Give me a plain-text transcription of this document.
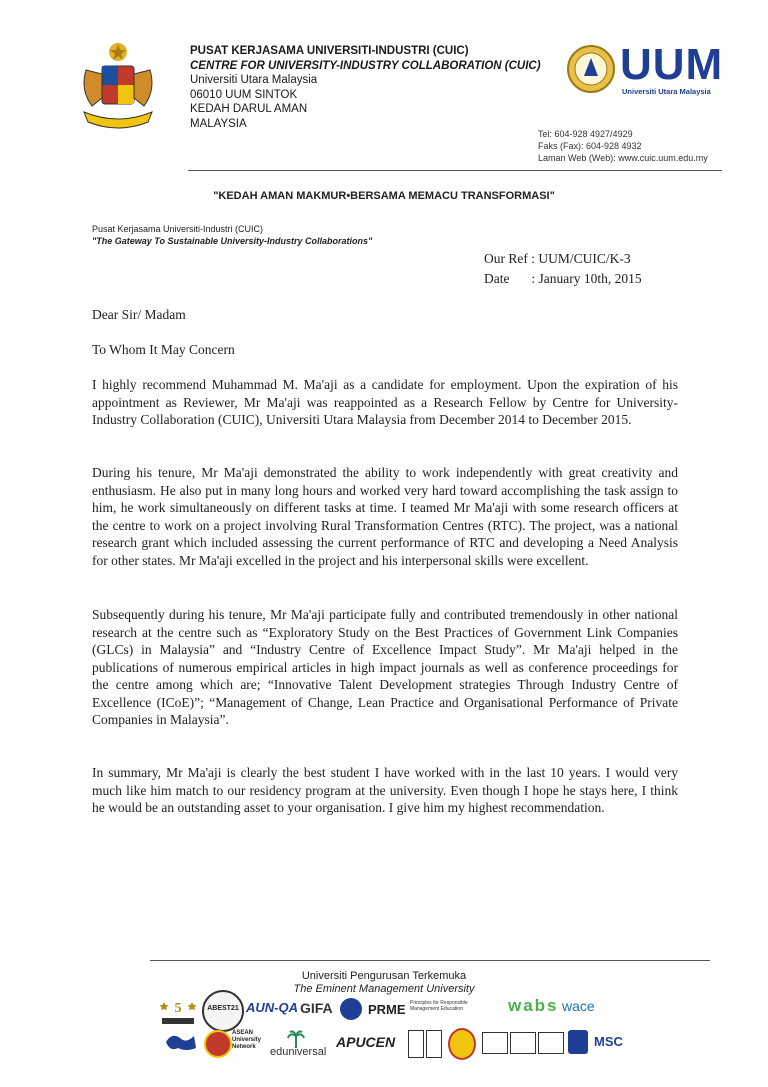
PUSAT KERJASAMA UNIVERSITI-INDUSTRI (CUIC)
CENTRE FOR UNIVERSITY-INDUSTRY COLLABORATION (CUIC)
Universiti Utara Malaysia
06010 UUM SINTOK
KEDAH DARUL AMAN
MALAYSIA
UUM
Universiti Utara Malaysia
Tel: 604-928 4927/4929
Faks (Fax): 604-928 4932
Laman Web (Web): www.cuic.uum.edu.my
"KEDAH AMAN MAKMUR•BERSAMA MEMACU TRANSFORMASI"
Pusat Kerjasama Universiti-Industri (CUIC)
"The Gateway To Sustainable University-Industry Collaborations"
Our Ref : UUM/CUIC/K-3
Date : January 10th, 2015

Dear Sir/ Madam

To Whom It May Concern

I highly recommend Muhammad M. Ma'aji as a candidate for employment. Upon the expiration of his appointment as Reviewer, Mr Ma'aji was reappointed as a Research Fellow by Centre for University-Industry Collaboration (CUIC), Universiti Utara Malaysia from December 2014 to December 2015.

During his tenure, Mr Ma'aji demonstrated the ability to work independently with great creativity and enthusiasm. He also put in many long hours and worked very hard toward accomplishing the task assign to him, he work simultaneously on different tasks at time. I teamed Mr Ma'aji with some research officers at the centre to work on a project involving Rural Transformation Centres (RTC). The project, was a national research grant which included assessing the current performance of RTC and developing a Need Analysis for other states. Mr Ma'aji excelled in the project and his interpersonal skills were excellent.

Subsequently during his tenure, Mr Ma'aji participate fully and contributed tremendously in other national research at the centre such as “Exploratory Study on the Best Practices of Government Link Companies (GLCs) in Malaysia” and “Industry Centre of Excellence Impact Study”. Mr Ma'aji helped in the publications of numerous empirical articles in high impact journals as well as conference proceedings for the centre among which are; “Innovative Talent Development strategies Through Industry Centre of Excellence (ICoE)”; “Management of Change, Lean Practice and Organisational Performance of Private Companies in Malaysia”.

In summary, Mr Ma'aji is clearly the best student I have worked with in the last 10 years. I would very much like him match to our residency program at the university. Even though I hope he stays here, I think he would be an outstanding asset to your organisation. I give him my highest recommendation.

Universiti Pengurusan Terkemuka
The Eminent Management University
5	ABEST21 AUN-QA GIFA	PRME Principles for Responsible Management Education	wabs wace
ASEAN University Network	eduniversal
APUCEN	MSC
